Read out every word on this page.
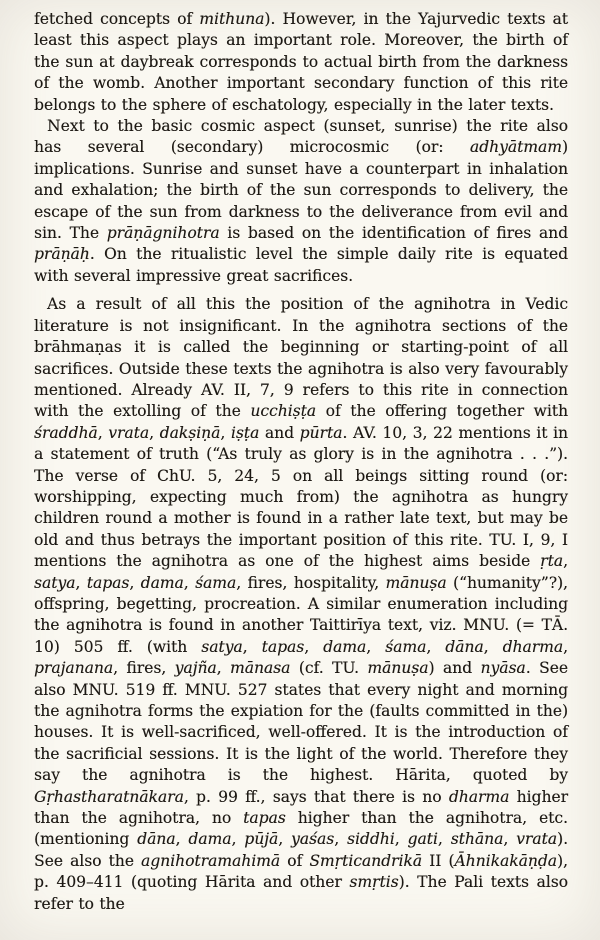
fetched concepts of mithuna). However, in the Yajurvedic texts at least this aspect plays an important role. Moreover, the birth of the sun at daybreak corresponds to actual birth from the darkness of the womb. Another important secondary function of this rite belongs to the sphere of eschatology, especially in the later texts.

Next to the basic cosmic aspect (sunset, sunrise) the rite also has several (secondary) microcosmic (or: adhyātmam) implications. Sunrise and sunset have a counterpart in inhalation and exhalation; the birth of the sun corresponds to delivery, the escape of the sun from darkness to the deliverance from evil and sin. The prāṇāgnihotra is based on the identification of fires and prāṇāḥ. On the ritualistic level the simple daily rite is equated with several impressive great sacrifices.

As a result of all this the position of the agnihotra in Vedic literature is not insignificant. In the agnihotra sections of the brāhmaṇas it is called the beginning or starting-point of all sacrifices. Outside these texts the agnihotra is also very favourably mentioned. Already AV. II, 7, 9 refers to this rite in connection with the extolling of the ucchiṣṭa of the offering together with śraddhā, vrata, dakṣiṇā, iṣṭa and pūrta. AV. 10, 3, 22 mentions it in a statement of truth (“As truly as glory is in the agnihotra . . .”). The verse of ChU. 5, 24, 5 on all beings sitting round (or: worshipping, expecting much from) the agnihotra as hungry children round a mother is found in a rather late text, but may be old and thus betrays the important position of this rite. TU. I, 9, I mentions the agnihotra as one of the highest aims beside ṛta, satya, tapas, dama, śama, fires, hospitality, mānuṣa (“humanity”?), offspring, begetting, procreation. A similar enumeration including the agnihotra is found in another Taittirīya text, viz. MNU. (= TĀ. 10) 505 ff. (with satya, tapas, dama, śama, dāna, dharma, prajanana, fires, yajña, mānasa (cf. TU. mānuṣa) and nyāsa. See also MNU. 519 ff. MNU. 527 states that every night and morning the agnihotra forms the expiation for the (faults committed in the) houses. It is well-sacrificed, well-offered. It is the introduction of the sacrificial sessions. It is the light of the world. Therefore they say the agnihotra is the highest. Hārita, quoted by Gṛhastharatnākara, p. 99 ff., says that there is no dharma higher than the agnihotra, no tapas higher than the agnihotra, etc. (mentioning dāna, dama, pūjā, yaśas, siddhi, gati, sthāna, vrata). See also the agnihotramahimā of Smṛticandrikā II (Āhnikakāṇḍa), p. 409–411 (quoting Hārita and other smṛtis). The Pali texts also refer to the
